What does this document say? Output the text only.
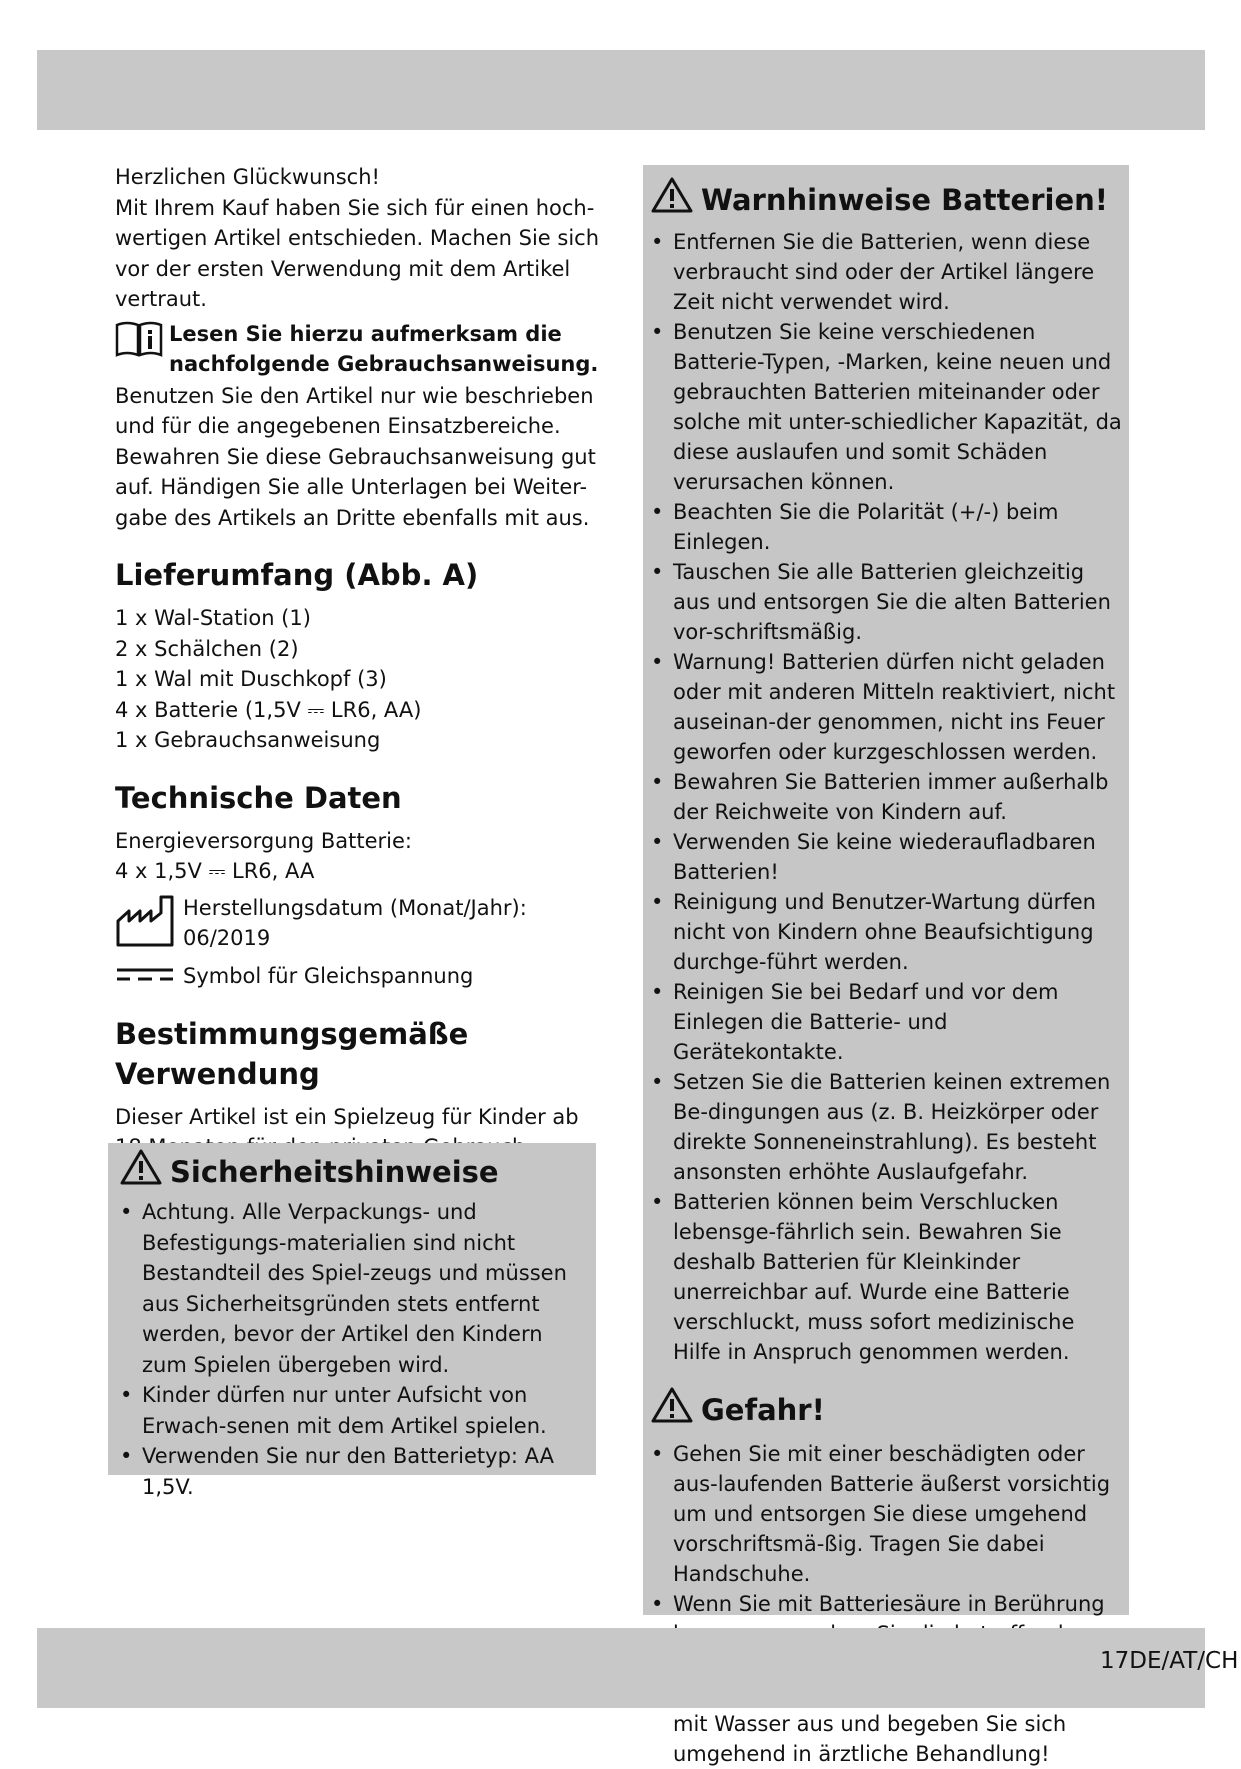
Herzlichen Glückwunsch!

Mit Ihrem Kauf haben Sie sich für einen hoch-wertigen Artikel entschieden. Machen Sie sich vor der ersten Verwendung mit dem Artikel vertraut.

Lesen Sie hierzu aufmerksam die nachfolgende Gebrauchsanweisung.

Benutzen Sie den Artikel nur wie beschrieben und für die angegebenen Einsatzbereiche. Bewahren Sie diese Gebrauchsanweisung gut auf. Händigen Sie alle Unterlagen bei Weiter-gabe des Artikels an Dritte ebenfalls mit aus.

Lieferumfang (Abb. A)
1 x Wal-Station (1)
2 x Schälchen (2)
1 x Wal mit Duschkopf (3)
4 x Batterie (1,5V ⎓ LR6, AA)
1 x Gebrauchsanweisung
Technische Daten

Energieversorgung Batterie:

4 x 1,5V ⎓ LR6, AA

Herstellungsdatum (Monat/Jahr):

06/2019

Symbol für Gleichspannung
Bestimmungsgemäße
Verwendung

Dieser Artikel ist ein Spielzeug für Kinder ab

Sicherheitshinweise
• Achtung. Alle Verpackungs- und Befestigungs-materialien sind nicht Bestandteil des Spiel-zeugs und müssen aus Sicherheitsgründen stets entfernt werden, bevor der Artikel den Kindern zum Spielen übergeben wird.
• Kinder dürfen nur unter Aufsicht von Erwach-senen mit dem Artikel spielen.
• Verwenden Sie nur den Batterietyp: AA 1,5V.
Warnhinweise Batterien!
• Entfernen Sie die Batterien, wenn diese verbraucht sind oder der Artikel längere Zeit nicht verwendet wird.
• Benutzen Sie keine verschiedenen Batterie-Typen, -Marken, keine neuen und gebrauchten Batterien miteinander oder solche mit unter-schiedlicher Kapazität, da diese auslaufen und somit Schäden verursachen können.
• Beachten Sie die Polarität (+/-) beim Einlegen.
• Tauschen Sie alle Batterien gleichzeitig aus und entsorgen Sie die alten Batterien vor-schriftsmäßig.
• Warnung! Batterien dürfen nicht geladen oder mit anderen Mitteln reaktiviert, nicht auseinan-der genommen, nicht ins Feuer geworfen oder kurzgeschlossen werden.
• Bewahren Sie Batterien immer außerhalb der Reichweite von Kindern auf.
• Verwenden Sie keine wiederaufladbaren Batterien!
• Reinigung und Benutzer-Wartung dürfen nicht von Kindern ohne Beaufsichtigung durchge-führt werden.
• Reinigen Sie bei Bedarf und vor dem Einlegen die Batterie- und Gerätekontakte.
• Setzen Sie die Batterien keinen extremen Be-dingungen aus (z. B. Heizkörper oder direkte Sonneneinstrahlung). Es besteht ansonsten erhöhte Auslaufgefahr.
• Batterien können beim Verschlucken lebensge-fährlich sein. Bewahren Sie deshalb Batterien für Kleinkinder unerreichbar auf. Wurde eine Batterie verschluckt, muss sofort medizinische Hilfe in Anspruch genommen werden.
Gefahr!
• Gehen Sie mit einer beschädigten oder aus-laufenden Batterie äußerst vorsichtig um und entsorgen Sie diese umgehend vorschriftsmä-ßig. Tragen Sie dabei Handschuhe.
• Wenn Sie mit Batteriesäure in Berührung mit Wasser aus und begeben Sie sich umgehend in ärztliche Behandlung!
17DE/AT/CH
